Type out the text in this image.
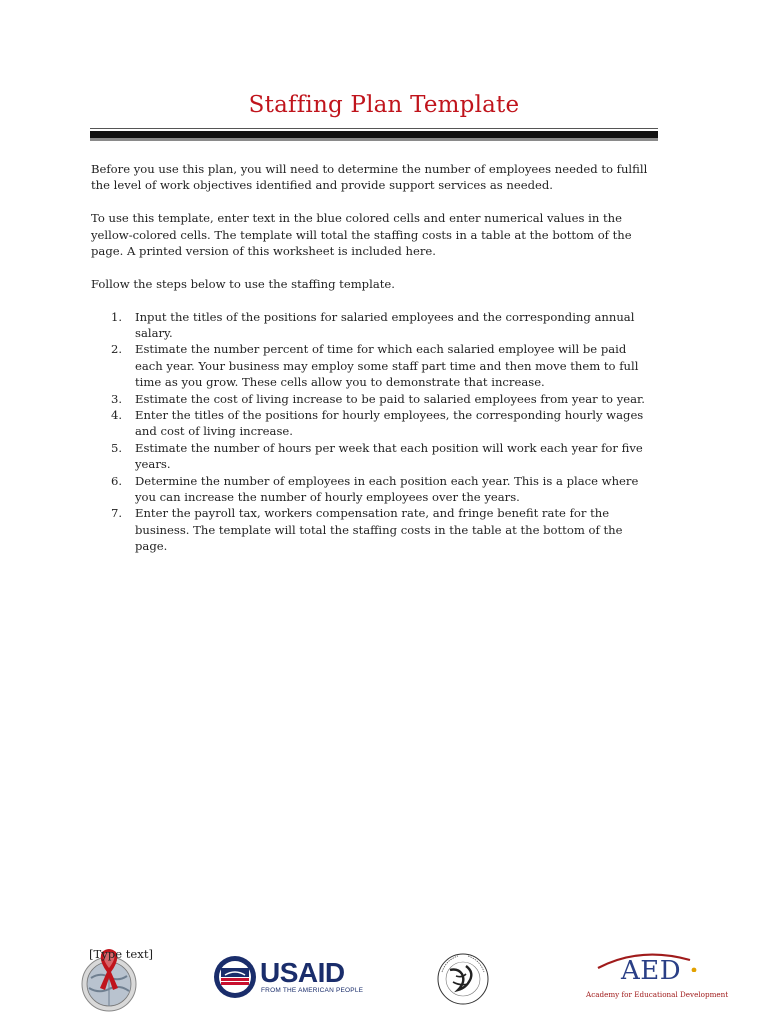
Staffing Plan Template

Before you use this plan, you will need to determine the number of employees needed to fulfill the level of work objectives identified and provide support services as needed.

To use this template, enter text in the blue colored cells and enter numerical values in the yellow-colored cells. The template will total the staffing costs in a table at the bottom of the page. A printed version of this worksheet is included here.

Follow the steps below to use the staffing template.

1. Input the titles of the positions for salaried employees and the corresponding annual salary.
2. Estimate the number percent of time for which each salaried employee will be paid each year. Your business may employ some staff part time and then move them to full time as you grow. These cells allow you to demonstrate that increase.
3. Estimate the cost of living increase to be paid to salaried employees from year to year.
4. Enter the titles of the positions for hourly employees, the corresponding hourly wages and cost of living increase.
5. Estimate the number of hours per week that each position will work each year for five years.
6. Determine the number of employees in each position each year. This is a place where you can increase the number of hourly employees over the years.
7. Enter the payroll tax, workers compensation rate, and fringe benefit rate for the business. The template will total the staffing costs in the table at the bottom of the page.
[Type text]
USAID
FROM THE AMERICAN PEOPLE
AED
Academy for Educational Development
